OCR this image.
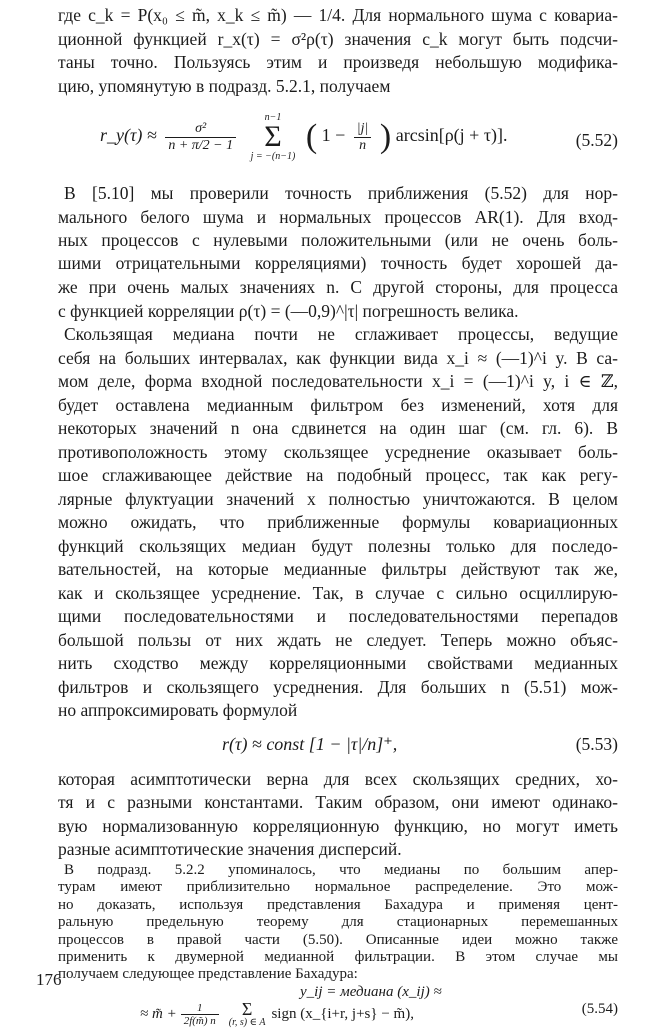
где c_k = P(x₀ ≤ m̃, x_k ≤ m̃) — 1/4. Для нормального шума с ковариа-
ционной функцией r_x(τ) = σ²ρ(τ) значения c_k могут быть подсчи-
таны точно. Пользуясь этим и произведя небольшую модифика-
цию, упомянутую в подразд. 5.2.1, получаем
r_y(τ) ≈ $\frac{\text{σ²}}{n + \pi/2 - 1}$

n−1
Σ
j = −(n−1)
( $1 - \frac{|j|}{n}$ ) arcsin[ρ(j + τ)].	(5.52)
В [5.10] мы проверили точность приближения (5.52) для нор-
мального белого шума и нормальных процессов AR(1). Для вход-
ных процессов с нулевыми положительными (или не очень боль-
шими отрицательными корреляциями) точность будет хорошей да-
же при очень малых значениях n. С другой стороны, для процесса
с функцией корреляции ρ(τ) = (—0,9)^|τ| погрешность велика.
Скользящая медиана почти не сглаживает процессы, ведущие
себя на больших интервалах, как функции вида x_i ≈ (—1)^i y. В са-
мом деле, форма входной последовательности x_i = (—1)^i y, i ∈ ℤ,
будет оставлена медианным фильтром без изменений, хотя для
некоторых значений n она сдвинется на один шаг (см. гл. 6). В
противоположность этому скользящее усреднение оказывает боль-
шое сглаживающее действие на подобный процесс, так как регу-
лярные флуктуации значений x полностью уничтожаются. В целом
можно ожидать, что приближенные формулы ковариационных
функций скользящих медиан будут полезны только для последо-
вательностей, на которые медианные фильтры действуют так же,
как и скользящее усреднение. Так, в случае с сильно осциллирую-
щими последовательностями и последовательностями перепадов
большой пользы от них ждать не следует. Теперь можно объяс-
нить сходство между корреляционными свойствами медианных
фильтров и скользящего усреднения. Для больших n (5.51) мож-
но аппроксимировать формулой
r(τ) ≈ const [1 − |τ|/n]⁺,	(5.53)
которая асимптотически верна для всех скользящих средних, хо-
тя и с разными константами. Таким образом, они имеют одинако-
вую нормализованную корреляционную функцию, но могут иметь
разные асимптотические значения дисперсий.
В подразд. 5.2.2 упоминалось, что медианы по большим апер-
турам имеют приблизительно нормальное распределение. Это мож-
176
но доказать, используя представления Бахадура и применяя цент-
ральную предельную теорему для стационарных перемешанных
процессов в правой части (5.50). Описанные идеи можно также
применить к двумерной медианной фильтрации. В этом случае мы
получаем следующее представление Бахадура:
y_ij = медиана (x_ij) ≈
≈ m̃ + $\frac{1}{2f(m̃) n}$	Σ
(r, s) ∈ A
sign (x_{i+r, j+s} − m̃),	(5.54)
